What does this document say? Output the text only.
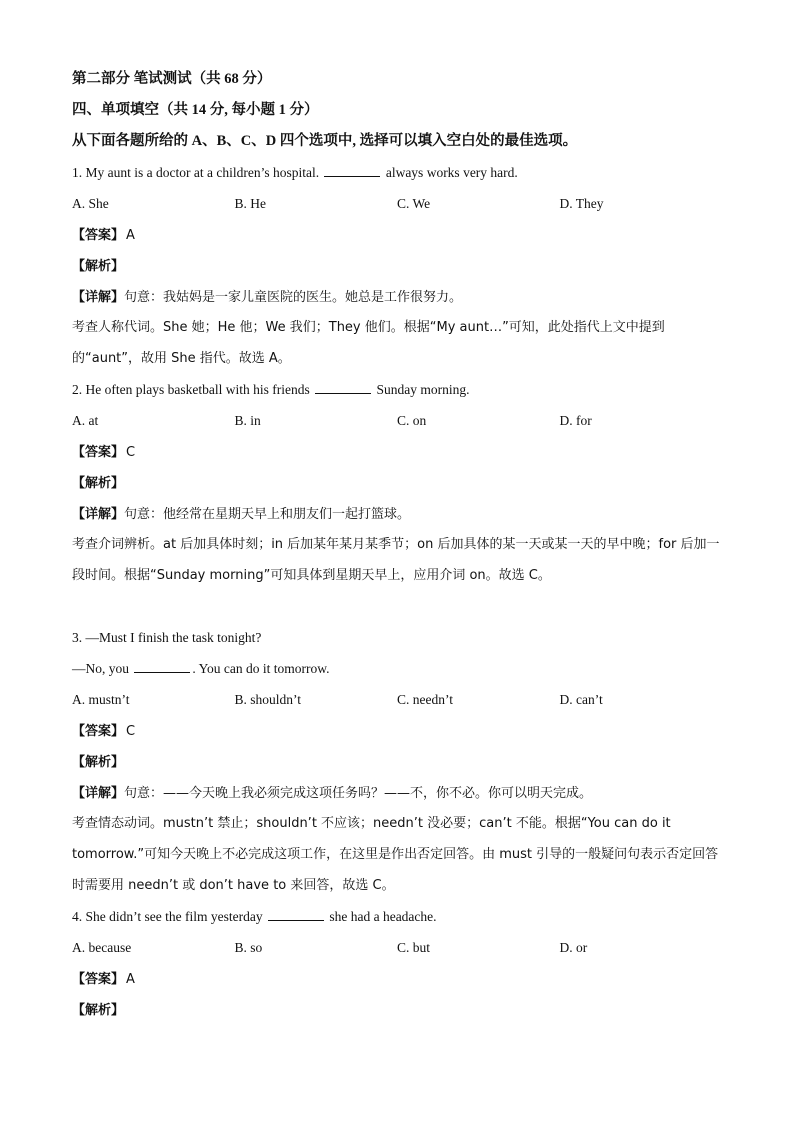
第二部分 笔试测试（共 68 分）
四、单项填空（共 14 分, 每小题 1 分）
从下面各题所给的 A、B、C、D 四个选项中, 选择可以填入空白处的最佳选项。
1. My aunt is a doctor at a children’s hospital.	always works very hard.
A. She	B. He	C. We	D. They
【答案】 A
【解析】
【详解】句意：我姑妈是一家儿童医院的医生。她总是工作很努力。
考查人称代词。She 她；He 他；We 我们；They 他们。根据“My aunt…”可知，此处指代上文中提到的“aunt”，故用 She 指代。故选 A。
2. He often plays basketball with his friends	Sunday morning.
A. at	B. in	C. on	D. for
【答案】 C
【解析】
【详解】句意：他经常在星期天早上和朋友们一起打篮球。
考查介词辨析。at 后加具体时刻；in 后加某年某月某季节；on 后加具体的某一天或某一天的早中晚；for 后加一段时间。根据“Sunday morning”可知具体到星期天早上，应用介词 on。故选 C。
3. —Must I finish the task tonight?
—No, you	. You can do it tomorrow.
A. mustn’t	B. shouldn’t	C. needn’t	D. can’t
【答案】 C
【解析】
【详解】句意：——今天晚上我必须完成这项任务吗？——不，你不必。你可以明天完成。
考查情态动词。mustn’t 禁止；shouldn’t 不应该；needn’t 没必要；can’t 不能。根据“You can do it tomorrow.”可知今天晚上不必完成这项工作，在这里是作出否定回答。由 must 引导的一般疑问句表示否定回答时需要用 needn’t 或 don’t have to 来回答，故选 C。
4. She didn’t see the film yesterday	she had a headache.
A. because	B. so	C. but	D. or
【答案】 A
【解析】
